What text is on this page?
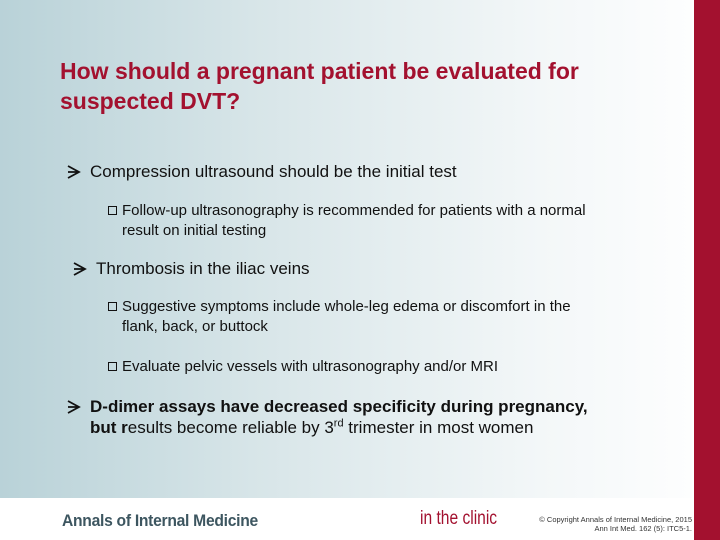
How should a pregnant patient be evaluated for suspected DVT?
Compression ultrasound should be the initial test
Follow-up ultrasonography is recommended for patients with a normal result on initial testing
Thrombosis in the iliac veins
Suggestive symptoms include whole-leg edema or discomfort in the flank, back, or buttock
Evaluate pelvic vessels with ultrasonography and/or MRI
D-dimer assays have decreased specificity during pregnancy, but results become reliable by 3rd trimester in most women
Annals of Internal Medicine	in the clinic	© Copyright Annals of Internal Medicine, 2015
Ann Int Med. 162 (5): ITC5-1.
